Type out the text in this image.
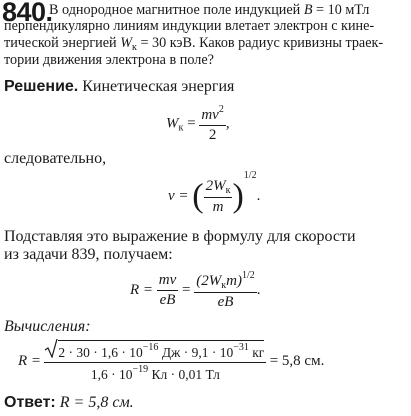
840.
В однородное магнитное поле индукцией B = 10 мТл
перпендикулярно линиям индукции влетает электрон с кине-
тической энергией $W_к = 30$ кэВ. Каков радиус кривизны траек-
тории движения электрона в поле?
Решение. Кинетическая энергия
$W_к = \frac{mv^2}{2}$ ,
следовательно,
v = ( $\frac{2W_к}{m} )^{1/2}$.
Подставляя это выражение в формулу для скорости
из задачи 839, получаем:
$R = \frac{mv}{eB} = \frac{(2W_кm)^{1/2}}{eB}$ .
Вычисления:
$R = \frac{2 \cdot 30 \cdot 1,6 \cdot 10^{-16} Дж \cdot 9,1 \cdot 10^{-31} кг}{1,6 \cdot 10^{-19} Кл \cdot 0,01 Тл} = 5,8$ см.
Ответ: R = 5,8 см.
